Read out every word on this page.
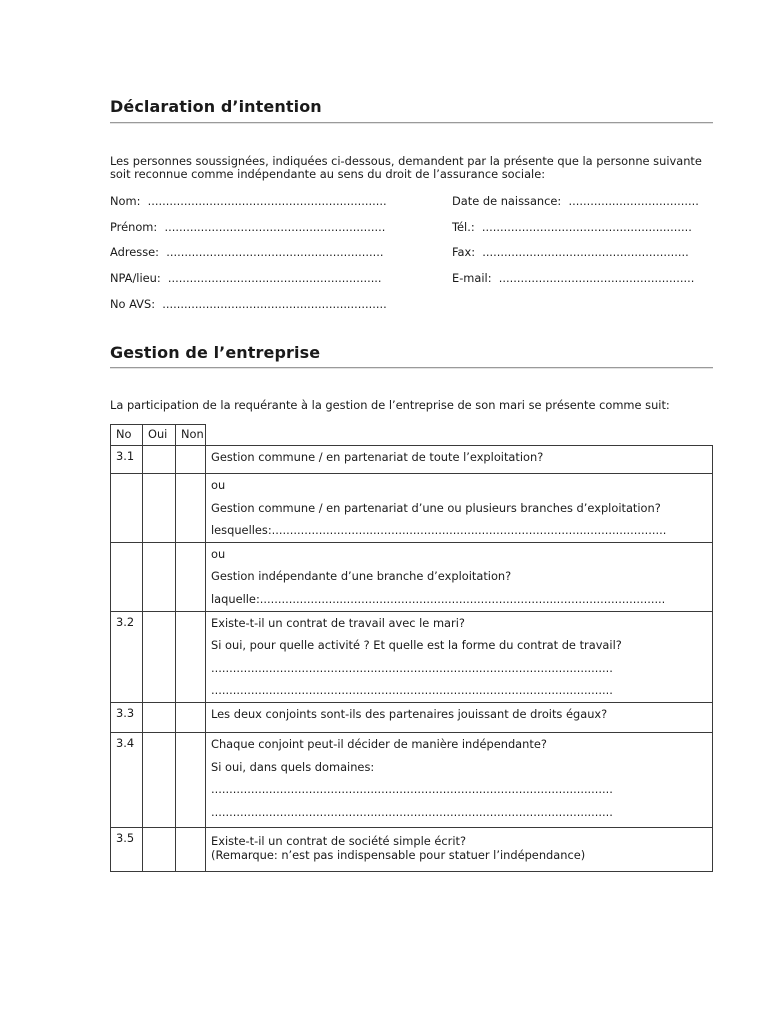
Déclaration d’intention
Les personnes soussignées, indiquées ci-dessous, demandent par la présente que la personne suivante
soit reconnue comme indépendante au sens du droit de l’assurance sociale:
Nom:  ..................................................................
Prénom:  .............................................................
Adresse:  ............................................................
NPA/lieu:  ...........................................................
No AVS:  ..............................................................
Date de naissance:  ....................................
Tél.:  ..........................................................
Fax:  .........................................................
E-mail:  ......................................................
Gestion de l’entreprise
La participation de la requérante à la gestion de l’entreprise de son mari se présente comme suit:
No	Oui	Non	

3.1			Gestion commune / en partenariat de toute l’exploitation?

			ou
Gestion commune / en partenariat d’une ou plusieurs branches d’exploitation?
lesquelles:.............................................................................................................

			ou
Gestion indépendante d’une branche d’exploitation?
laquelle:................................................................................................................

3.2			Existe-t-il un contrat de travail avec le mari?
Si oui, pour quelle activité ? Et quelle est la forme du contrat de travail?
...............................................................................................................
...............................................................................................................

3.3			Les deux conjoints sont-ils des partenaires jouissant de droits égaux?

3.4			Chaque conjoint peut-il décider de manière indépendante?
Si oui, dans quels domaines:
...............................................................................................................
...............................................................................................................

3.5			Existe-t-il un contrat de société simple écrit?
(Remarque: n’est pas indispensable pour statuer l’indépendance)
